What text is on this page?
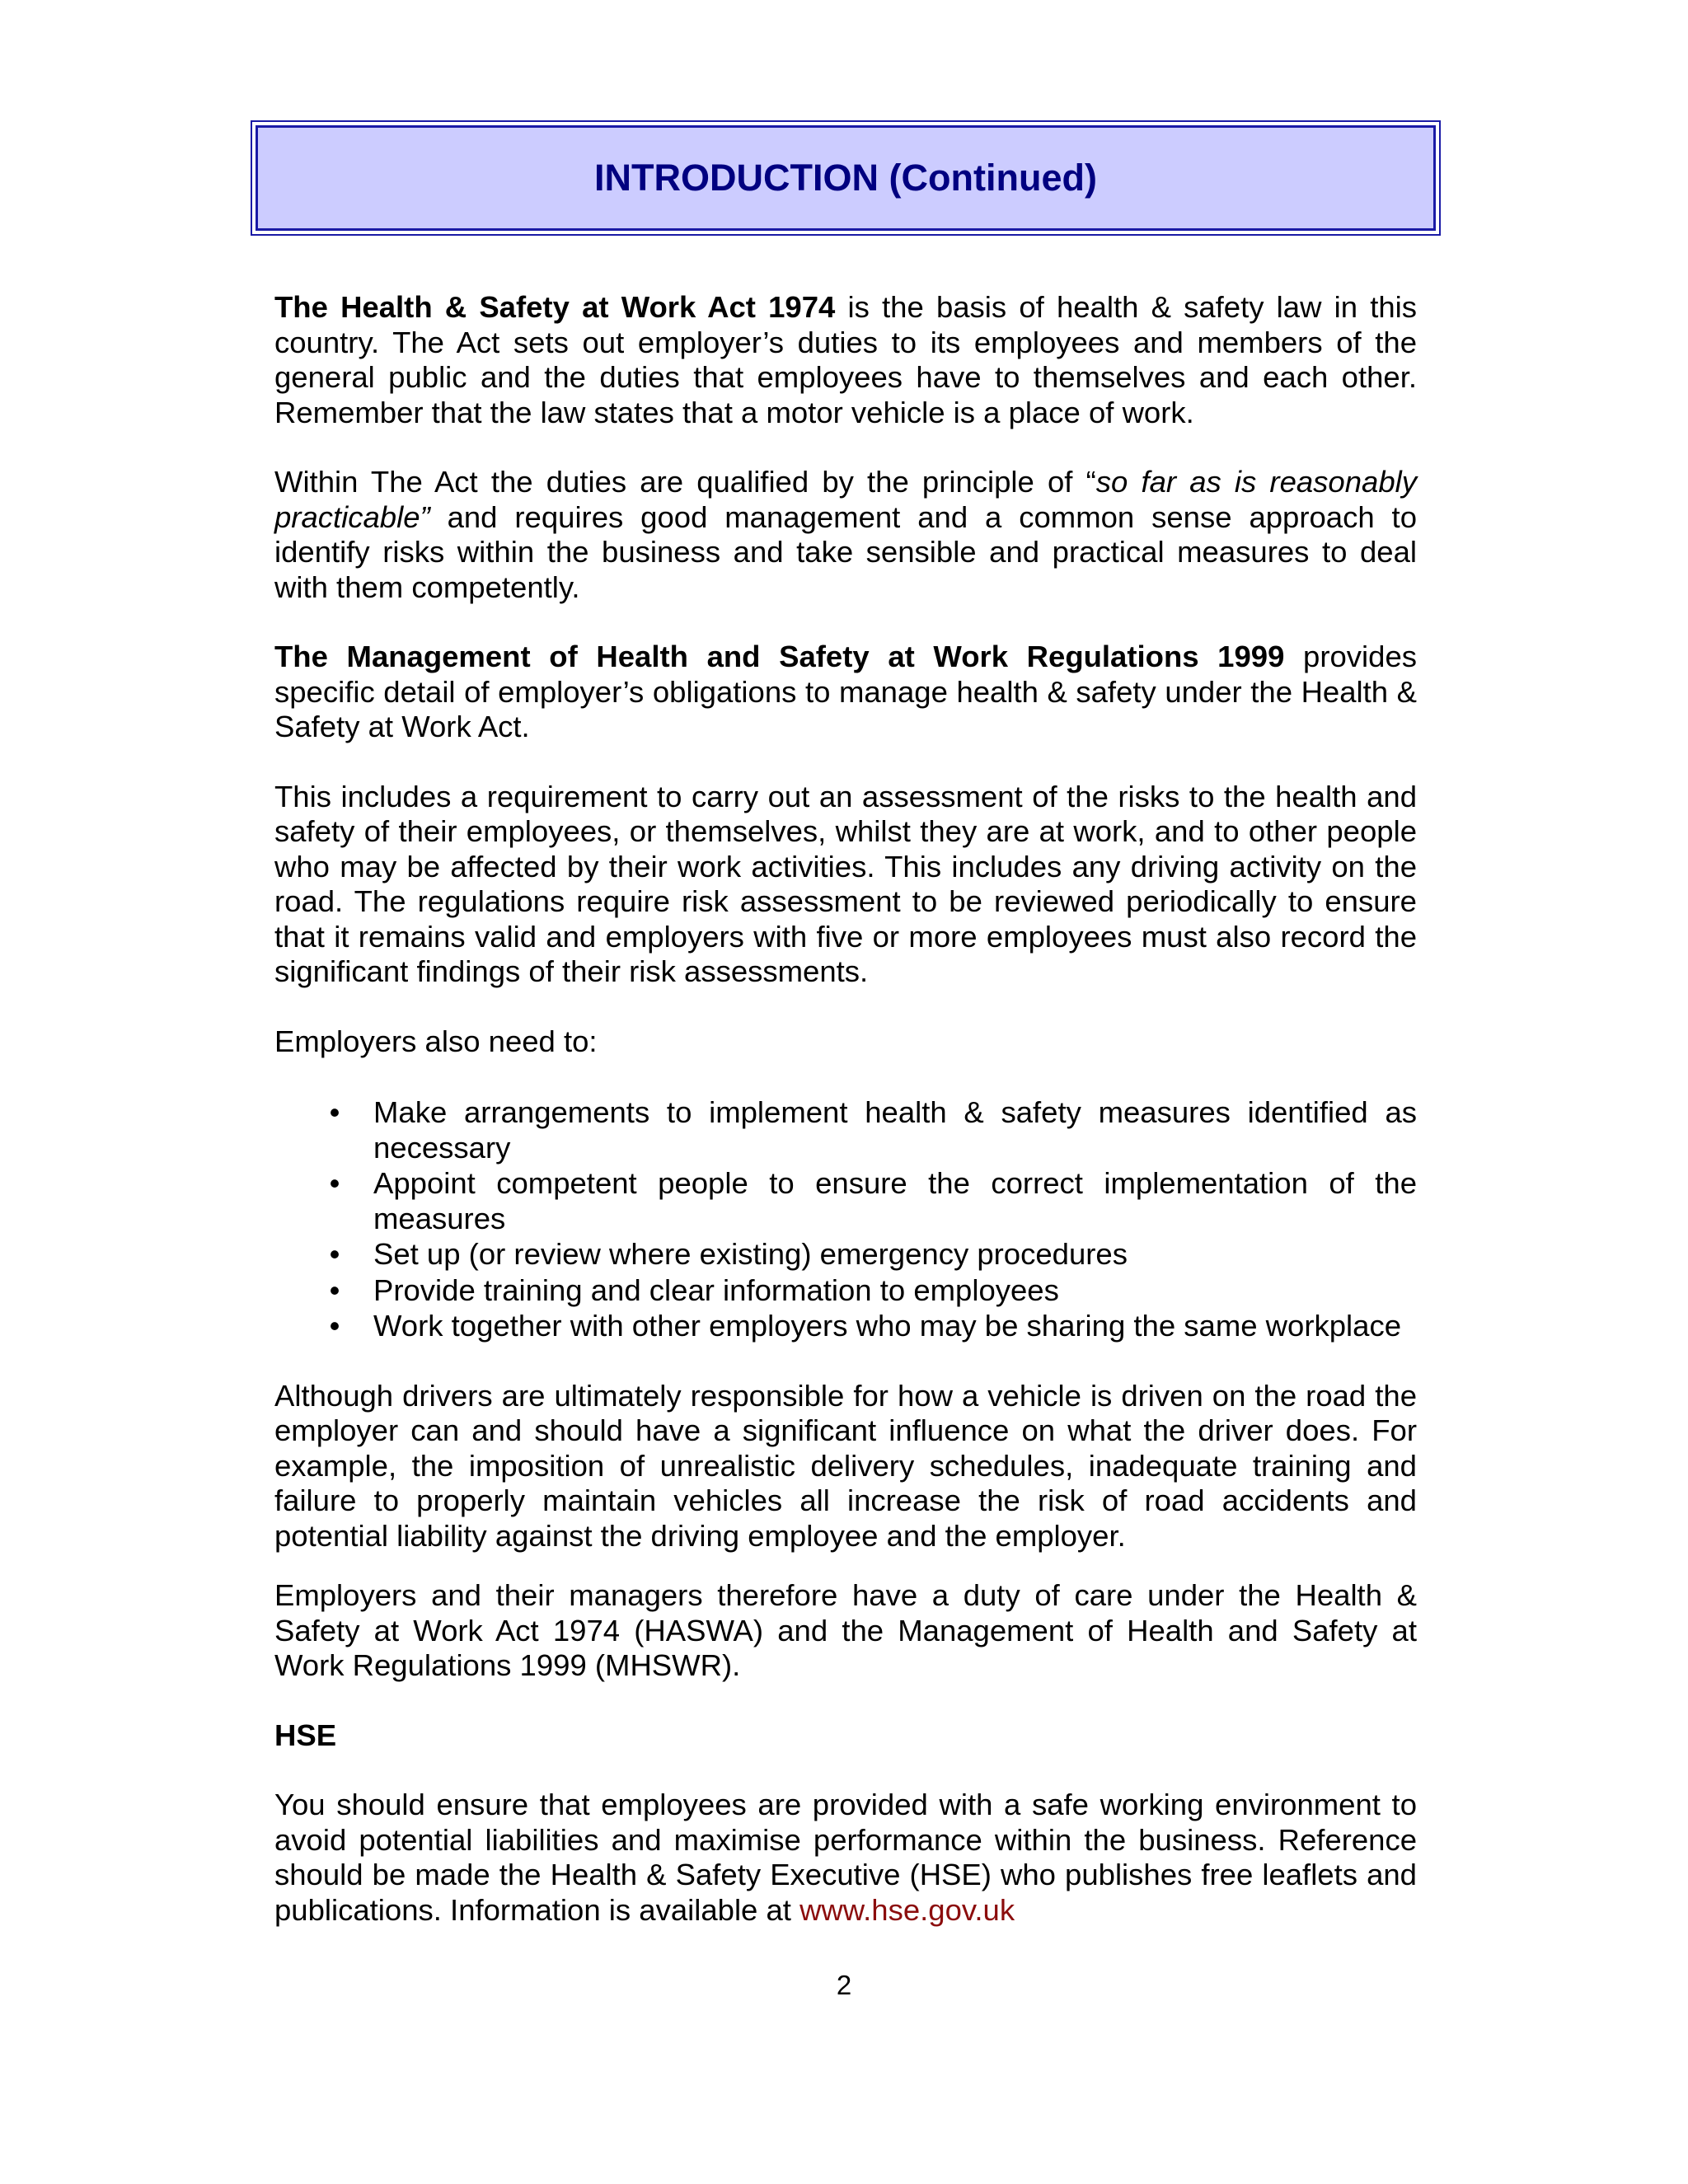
INTRODUCTION (Continued)

The Health & Safety at Work Act 1974 is the basis of health & safety law in this country. The Act sets out employer’s duties to its employees and members of the general public and the duties that employees have to themselves and each other. Remember that the law states that a motor vehicle is a place of work.

Within The Act the duties are qualified by the principle of “so far as is reasonably practicable” and requires good management and a common sense approach to identify risks within the business and take sensible and practical measures to deal with them competently.

The Management of Health and Safety at Work Regulations 1999 provides specific detail of employer’s obligations to manage health & safety under the Health & Safety at Work Act.

This includes a requirement to carry out an assessment of the risks to the health and safety of their employees, or themselves, whilst they are at work, and to other people who may be affected by their work activities. This includes any driving activity on the road. The regulations require risk assessment to be reviewed periodically to ensure that it remains valid and employers with five or more employees must also record the significant findings of their risk assessments.

Employers also need to:

• Make arrangements to implement health & safety measures identified as necessary
• Appoint competent people to ensure the correct implementation of the measures
• Set up (or review where existing) emergency procedures
• Provide training and clear information to employees
• Work together with other employers who may be sharing the same workplace

Although drivers are ultimately responsible for how a vehicle is driven on the road the employer can and should have a significant influence on what the driver does. For example, the imposition of unrealistic delivery schedules, inadequate training and failure to properly maintain vehicles all increase the risk of road accidents and potential liability against the driving employee and the employer.

Employers and their managers therefore have a duty of care under the Health & Safety at Work Act 1974 (HASWA) and the Management of Health and Safety at Work Regulations 1999 (MHSWR).

HSE

You should ensure that employees are provided with a safe working environment to avoid potential liabilities and maximise performance within the business. Reference should be made the Health & Safety Executive (HSE) who publishes free leaflets and publications. Information is available at www.hse.gov.uk

2
